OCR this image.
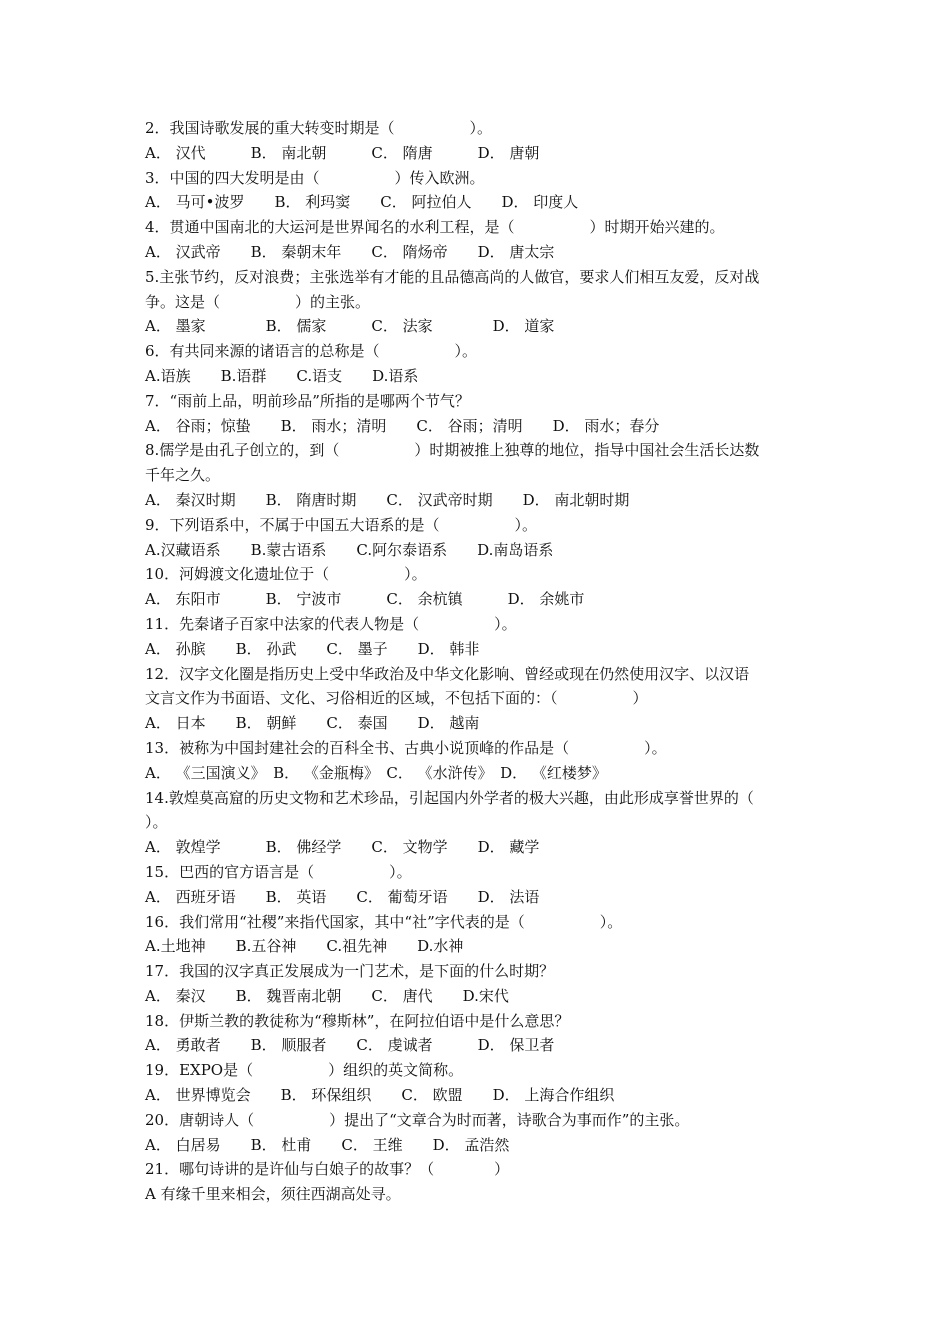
2．我国诗歌发展的重大转变时期是（　　　　　）。
A． 汉代　　　B． 南北朝　　　C． 隋唐　　　D． 唐朝
3．中国的四大发明是由（　　　　　）传入欧洲。
A． 马可•波罗　　B． 利玛窦　　C． 阿拉伯人　　D． 印度人
4．贯通中国南北的大运河是世界闻名的水利工程，是（　　　　　）时期开始兴建的。
A． 汉武帝　　B． 秦朝末年　　C． 隋炀帝　　D． 唐太宗
5.主张节约，反对浪费；主张选举有才能的且品德高尚的人做官，要求人们相互友爱，反对战
争。这是（　　　　　）的主张。
A． 墨家　　　　B． 儒家　　　C． 法家　　　　D． 道家
6．有共同来源的诸语言的总称是（　　　　　）。
A.语族　　B.语群　　C.语支　　D.语系
7．“雨前上品，明前珍品”所指的是哪两个节气？
A． 谷雨；惊蛰　　B． 雨水；清明　　C． 谷雨；清明　　D． 雨水；春分
8.儒学是由孔子创立的，到（　　　　　）时期被推上独尊的地位，指导中国社会生活长达数
千年之久。
A． 秦汉时期　　B． 隋唐时期　　C． 汉武帝时期　　D． 南北朝时期
9．下列语系中，不属于中国五大语系的是（　　　　　）。
A.汉藏语系　　B.蒙古语系　　C.阿尔泰语系　　D.南岛语系
10．河姆渡文化遗址位于（　　　　　）。
A． 东阳市　　　B． 宁波市　　　C． 余杭镇　　　D． 余姚市
11．先秦诸子百家中法家的代表人物是（　　　　　）。
A． 孙膑　　B． 孙武　　C． 墨子　　D． 韩非
12．汉字文化圈是指历史上受中华政治及中华文化影响、曾经或现在仍然使用汉字、以汉语
文言文作为书面语、文化、习俗相近的区域，不包括下面的：（　　　　　）
A． 日本　　B． 朝鲜　　C． 泰国　　D． 越南
13．被称为中国封建社会的百科全书、古典小说顶峰的作品是（　　　　　）。
A． 《三国演义》　B． 《金瓶梅》　C． 《水浒传》　D． 《红楼梦》
14.敦煌莫高窟的历史文物和艺术珍品，引起国内外学者的极大兴趣，由此形成享誉世界的（
）。
A． 敦煌学　　　B． 佛经学　　C． 文物学　　D． 藏学
15．巴西的官方语言是（　　　　　）。
A． 西班牙语　　B． 英语　　C． 葡萄牙语　　D． 法语
16．我们常用“社稷”来指代国家，其中“社”字代表的是（　　　　　）。
A.土地神　　B.五谷神　　C.祖先神　　D.水神
17．我国的汉字真正发展成为一门艺术，是下面的什么时期？
A． 秦汉　　B． 魏晋南北朝　　C． 唐代　　D.宋代
18．伊斯兰教的教徒称为“穆斯林”，在阿拉伯语中是什么意思？
A． 勇敢者　　B． 顺服者　　C． 虔诚者　　　D． 保卫者
19．EXPO是（　　　　　）组织的英文简称。
A． 世界博览会　　B． 环保组织　　C． 欧盟　　D． 上海合作组织
20．唐朝诗人（　　　　　）提出了“文章合为时而著，诗歌合为事而作”的主张。
A． 白居易　　B． 杜甫　　C． 王维　　D． 孟浩然
21．哪句诗讲的是许仙与白娘子的故事？（　　　　）
A 有缘千里来相会，须往西湖高处寻。
